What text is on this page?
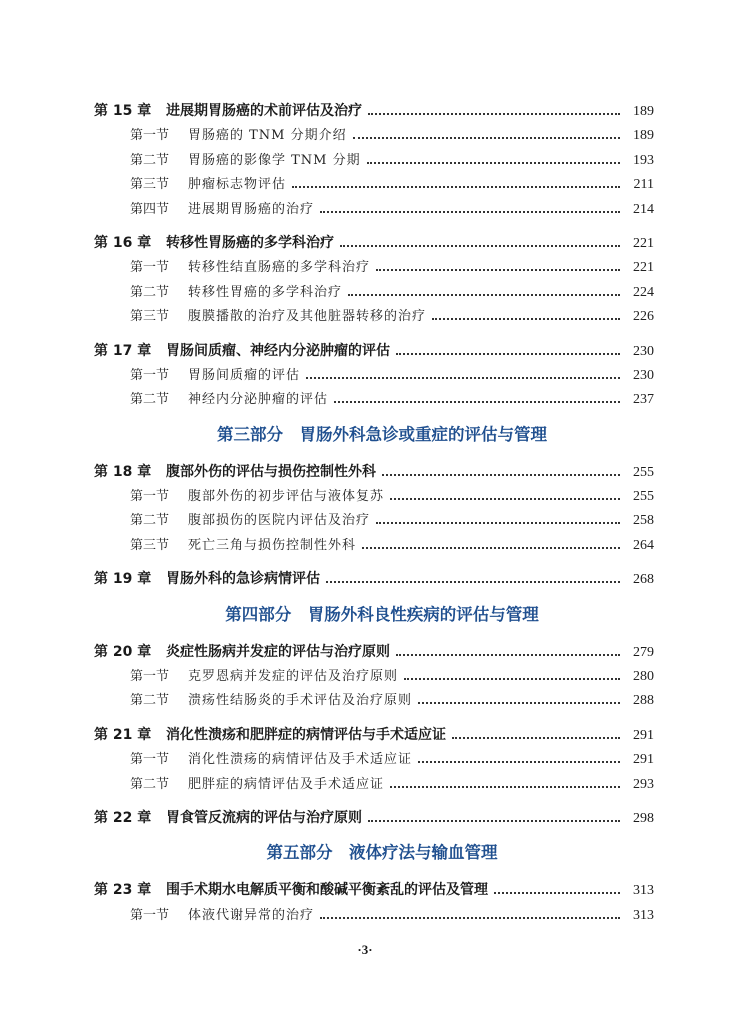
第 15 章	进展期胃肠癌的术前评估及治疗	189
第一节	胃肠癌的 TNM 分期介绍	189
第二节	胃肠癌的影像学 TNM 分期	193
第三节	肿瘤标志物评估	211
第四节	进展期胃肠癌的治疗	214
第 16 章	转移性胃肠癌的多学科治疗	221
第一节	转移性结直肠癌的多学科治疗	221
第二节	转移性胃癌的多学科治疗	224
第三节	腹膜播散的治疗及其他脏器转移的治疗	226
第 17 章	胃肠间质瘤、神经内分泌肿瘤的评估	230
第一节	胃肠间质瘤的评估	230
第二节	神经内分泌肿瘤的评估	237
第三部分　胃肠外科急诊或重症的评估与管理
第 18 章	腹部外伤的评估与损伤控制性外科	255
第一节	腹部外伤的初步评估与液体复苏	255
第二节	腹部损伤的医院内评估及治疗	258
第三节	死亡三角与损伤控制性外科	264
第 19 章	胃肠外科的急诊病情评估	268
第四部分　胃肠外科良性疾病的评估与管理
第 20 章	炎症性肠病并发症的评估与治疗原则	279
第一节	克罗恩病并发症的评估及治疗原则	280
第二节	溃疡性结肠炎的手术评估及治疗原则	288
第 21 章	消化性溃疡和肥胖症的病情评估与手术适应证	291
第一节	消化性溃疡的病情评估及手术适应证	291
第二节	肥胖症的病情评估及手术适应证	293
第 22 章	胃食管反流病的评估与治疗原则	298
第五部分　液体疗法与输血管理
第 23 章	围手术期水电解质平衡和酸碱平衡紊乱的评估及管理	313
第一节	体液代谢异常的治疗	313
·3·
